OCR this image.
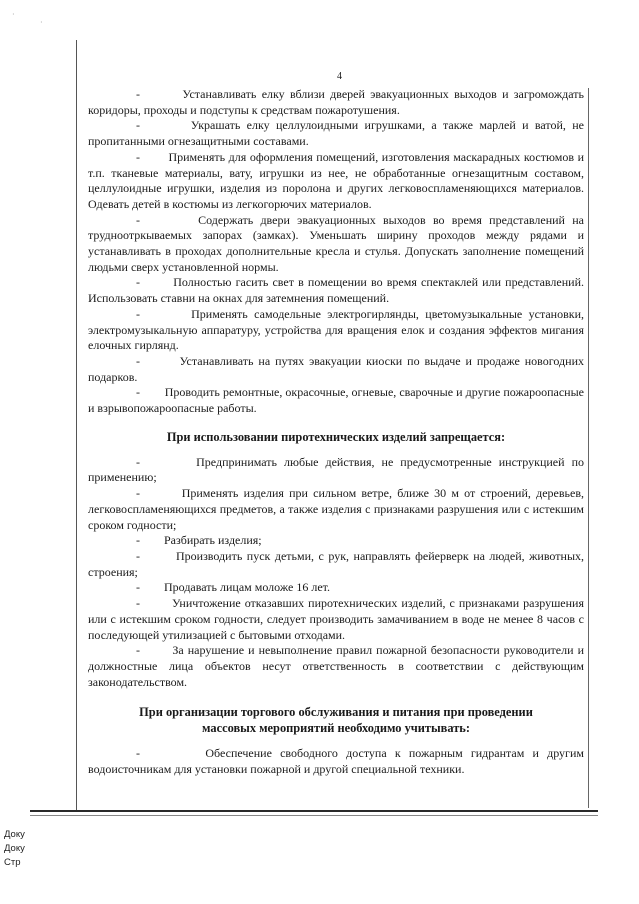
·
·
4

-        Устанавливать елку вблизи дверей эвакуационных выходов и загромождать коридоры, проходы и подступы к средствам пожаротушения.

-        Украшать елку целлулоидными игрушками, а также марлей и ватой, не пропитанными огнезащитными составами.

-        Применять для оформления помещений, изготовления маскарадных костюмов и т.п. тканевые материалы, вату, игрушки из нее, не обработанные огнезащитным составом, целлулоидные игрушки, изделия из поролона и других легковоспламеняющихся материалов. Одевать детей в костюмы из легкогорючих материалов.

-        Содержать двери эвакуационных выходов во время представлений на трудноотркываемых запорах (замках). Уменьшать ширину проходов между рядами и устанавливать в проходах дополнительные кресла и стулья. Допускать заполнение помещений людьми сверх установленной нормы.

-        Полностью гасить свет в помещении во время спектаклей или представлений. Использовать ставни на окнах для затемнения помещений.

-        Применять самодельные электрогирлянды, цветомузыкальные установки, электромузыкальную аппаратуру, устройства для вращения елок и создания эффектов мигания елочных гирлянд.

-        Устанавливать на путях эвакуации киоски по выдаче и продаже новогодних подарков.

-        Проводить ремонтные, окрасочные, огневые, сварочные и другие пожароопасные и взрывопожароопасные работы.

При использовании пиротехнических изделий запрещается:

-        Предпринимать любые действия, не предусмотренные инструкцией по применению;

-        Применять изделия при сильном ветре, ближе 30 м от строений, деревьев, легковоспламеняющихся предметов, а также изделия с признаками разрушения или с истекшим сроком годности;

-        Разбирать изделия;

-        Производить пуск детьми, с рук, направлять фейерверк на людей, животных, строения;

-        Продавать лицам моложе 16 лет.

-        Уничтожение отказавших пиротехнических изделий, с признаками разрушения или с истекшим сроком годности, следует производить замачиванием в воде не менее 8 часов с последующей утилизацией с бытовыми отходами.

-        За нарушение и невыполнение правил пожарной безопасности руководители и должностные лица объектов несут ответственность в соответствии с действующим законодательством.

При организации торгового обслуживания и питания при проведении
массовых мероприятий необходимо учитывать:

-        Обеспечение свободного доступа к пожарным гидрантам и другим водоисточникам для установки пожарной и другой специальной техники.

Доку
Доку
Стр
